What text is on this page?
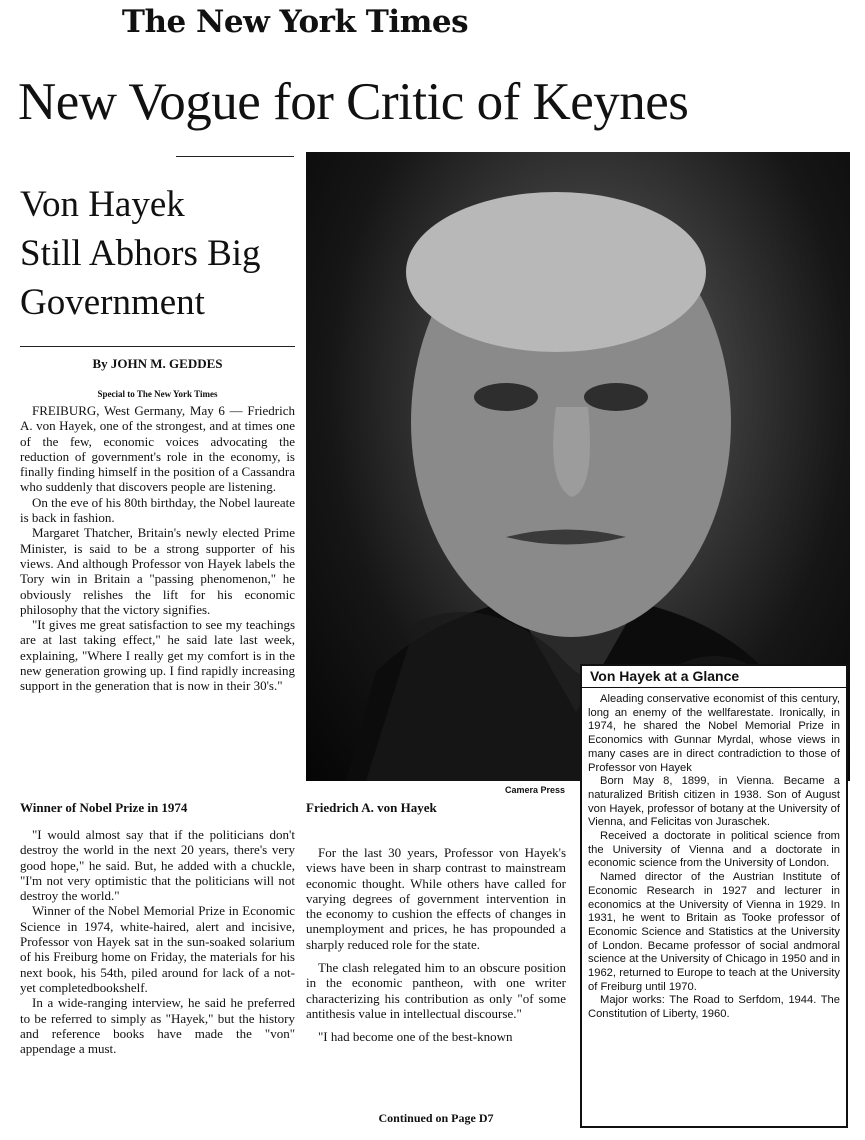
The New York Times
New Vogue for Critic of Keynes
Von Hayek
Still Abhors Big
Government
By JOHN M. GEDDES
Special to The New York Times

FREIBURG, West Germany, May 6 — Friedrich A. von Hayek, one of the strongest, and at times one of the few, economic voices advocating the reduction of government's role in the economy, is finally finding himself in the position of a Cassandra who suddenly that discovers people are listening.

On the eve of his 80th birthday, the Nobel laureate is back in fashion.

Margaret Thatcher, Britain's newly elected Prime Minister, is said to be a strong supporter of his views. And although Professor von Hayek labels the Tory win in Britain a "passing phenomenon," he obviously relishes the lift for his economic philosophy that the victory signifies.

"It gives me great satisfaction to see my teachings are at last taking effect," he said late last week, explaining, "Where I really get my comfort is in the new generation growing up. I find rapidly increasing support in the generation that is now in their 30's."

Winner of Nobel Prize in 1974

"I would almost say that if the politicians don't destroy the world in the next 20 years, there's very good hope," he said. But, he added with a chuckle, "I'm not very optimistic that the politicians will not destroy the world."

Winner of the Nobel Memorial Prize in Economic Science in 1974, white-haired, alert and incisive, Professor von Hayek sat in the sun-soaked solarium of his Freiburg home on Friday, the materials for his next book, his 54th, piled around for lack of a not-yet completedbookshelf.

In a wide-ranging interview, he said he preferred to be referred to simply as "Hayek," but the history and reference books have made the "von" appendage a must.

Camera Press
Friedrich A. von Hayek

For the last 30 years, Professor von Hayek's views have been in sharp contrast to mainstream economic thought. While others have called for varying degrees of government intervention in the economy to cushion the effects of changes in unemployment and prices, he has propounded a sharply reduced role for the state.

The clash relegated him to an obscure position in the economic pantheon, with one writer characterizing his contribution as only "of some antithesis value in intellectual discourse."

"I had become one of the best-known

Continued on Page D7
Von Hayek at a Glance

Aleading conservative economist of this century, long an enemy of the wellfarestate. Ironically, in 1974, he shared the Nobel Memorial Prize in Economics with Gunnar Myrdal, whose views in many cases are in direct contradiction to those of Professor von Hayek

Born May 8, 1899, in Vienna. Became a naturalized British citizen in 1938. Son of August von Hayek, professor of botany at the University of Vienna, and Felicitas von Juraschek.

Received a doctorate in political science from the University of Vienna and a doctorate in economic science from the University of London.

Named director of the Austrian Institute of Economic Research in 1927 and lecturer in economics at the University of Vienna in 1929. In 1931, he went to Britain as Tooke professor of Economic Science and Statistics at the University of London. Became professor of social andmoral science at the University of Chicago in 1950 and in 1962, returned to Europe to teach at the University of Freiburg until 1970.

Major works: The Road to Serfdom, 1944. The Constitution of Liberty, 1960.
